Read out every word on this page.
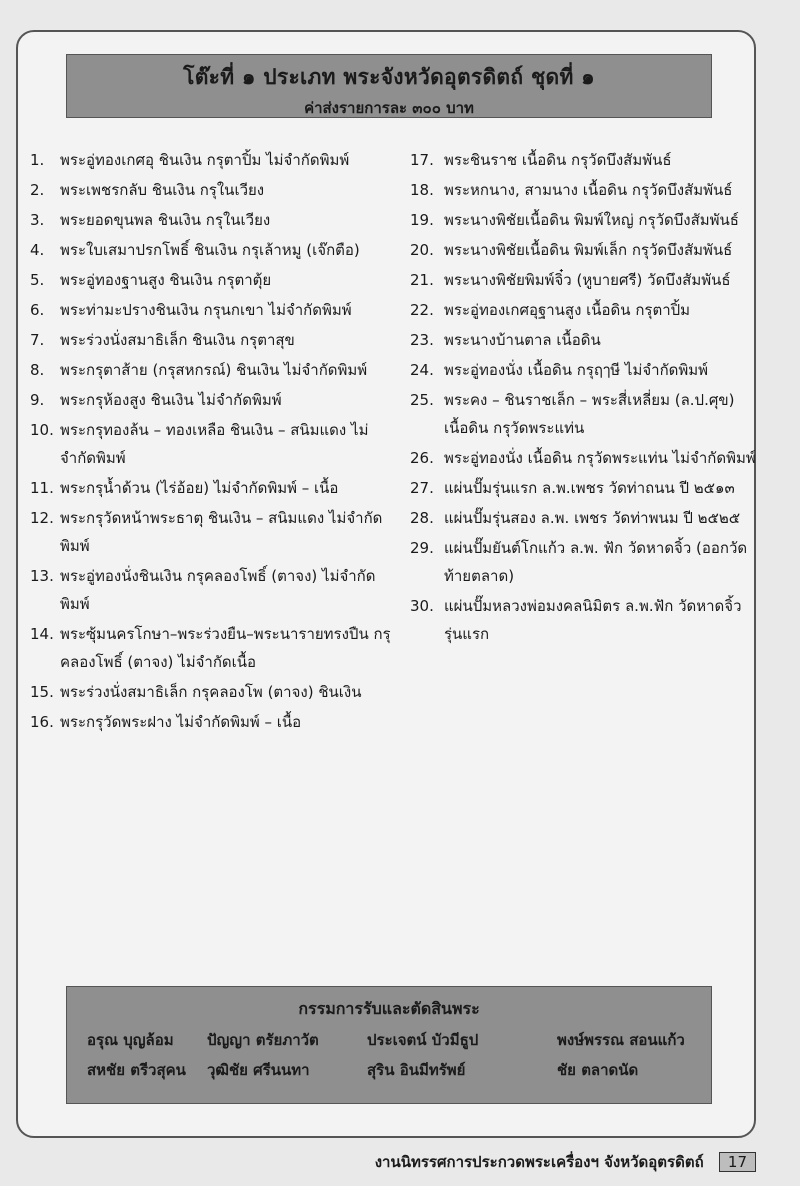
โต๊ะที่ ๑ ประเภท พระจังหวัดอุตรดิตถ์ ชุดที่ ๑
ค่าส่งรายการละ ๓๐๐ บาท
1.	พระอู่ทองเกศอุ ชินเงิน กรุตาปิ้ม ไม่จำกัดพิมพ์
2.	พระเพชรกลับ ชินเงิน กรุในเวียง
3.	พระยอดขุนพล ชินเงิน กรุในเวียง
4.	พระใบเสมาปรกโพธิ์ ชินเงิน กรุเล้าหมู (เจ๊กตือ)
5.	พระอู่ทองฐานสูง ชินเงิน กรุตาตุ้ย
6.	พระท่ามะปรางชินเงิน กรุนกเขา ไม่จำกัดพิมพ์
7.	พระร่วงนั่งสมาธิเล็ก ชินเงิน กรุตาสุข
8.	พระกรุตาส้าย (กรุสหกรณ์) ชินเงิน ไม่จำกัดพิมพ์
9.	พระกรุห้องสูง ชินเงิน ไม่จำกัดพิมพ์
10. พระกรุทองล้น – ทองเหลือ ชินเงิน – สนิมแดง ไม่จำกัดพิมพ์
11. พระกรุน้ำด้วน (ไร่อ้อย) ไม่จำกัดพิมพ์ – เนื้อ
12. พระกรุวัดหน้าพระธาตุ ชินเงิน – สนิมแดง ไม่จำกัดพิมพ์
13. พระอู่ทองนั่งชินเงิน กรุคลองโพธิ์ (ตาจง) ไม่จำกัดพิมพ์
14. พระซุ้มนครโกษา–พระร่วงยืน–พระนารายทรงปืน กรุคลองโพธิ์ (ตาจง) ไม่จำกัดเนื้อ
15. พระร่วงนั่งสมาธิเล็ก กรุคลองโพ (ตาจง) ชินเงิน
16. พระกรุวัดพระฝาง ไม่จำกัดพิมพ์ – เนื้อ
17. พระชินราช เนื้อดิน กรุวัดบึงสัมพันธ์
18. พระหกนาง, สามนาง เนื้อดิน กรุวัดบึงสัมพันธ์
19. พระนางพิชัยเนื้อดิน พิมพ์ใหญ่ กรุวัดบึงสัมพันธ์
20. พระนางพิชัยเนื้อดิน พิมพ์เล็ก กรุวัดบึงสัมพันธ์
21. พระนางพิชัยพิมพ์จิ๋ว (หูบายศรี) วัดบึงสัมพันธ์
22. พระอู่ทองเกศอุฐานสูง เนื้อดิน กรุตาปิ้ม
23. พระนางบ้านตาล เนื้อดิน
24. พระอู่ทองนั่ง เนื้อดิน กรุฤๅษี ไม่จำกัดพิมพ์
25. พระคง – ชินราชเล็ก – พระสี่เหลี่ยม (ล.ป.ศุข) เนื้อดิน กรุวัดพระแท่น
26. พระอู่ทองนั่ง เนื้อดิน กรุวัดพระแท่น ไม่จำกัดพิมพ์
27. แผ่นปั๊มรุ่นแรก ล.พ.เพชร วัดท่าถนน ปี ๒๕๑๓
28. แผ่นปั๊มรุ่นสอง ล.พ. เพชร วัดท่าพนม ปี ๒๕๒๕
29. แผ่นปั๊มยันต์โกแก้ว ล.พ. ฟัก วัดหาดจิ้ว (ออกวัดท้ายตลาด)
30. แผ่นปั๊มหลวงพ่อมงคลนิมิตร ล.พ.ฟัก วัดหาดจิ้ว รุ่นแรก
กรรมการรับและตัดสินพระ
อรุณ บุญล้อม	ปัญญา ตรัยภาวัต	ประเจตน์ บัวมีธูป	พงษ์พรรณ สอนแก้ว
สหชัย ตรีวสุคน	วุฒิชัย ศรีนนทา	สุริน อินมีทรัพย์	ชัย ตลาดนัด
งานนิทรรศการประกวดพระเครื่องฯ จังหวัดอุตรดิตถ์ 17
